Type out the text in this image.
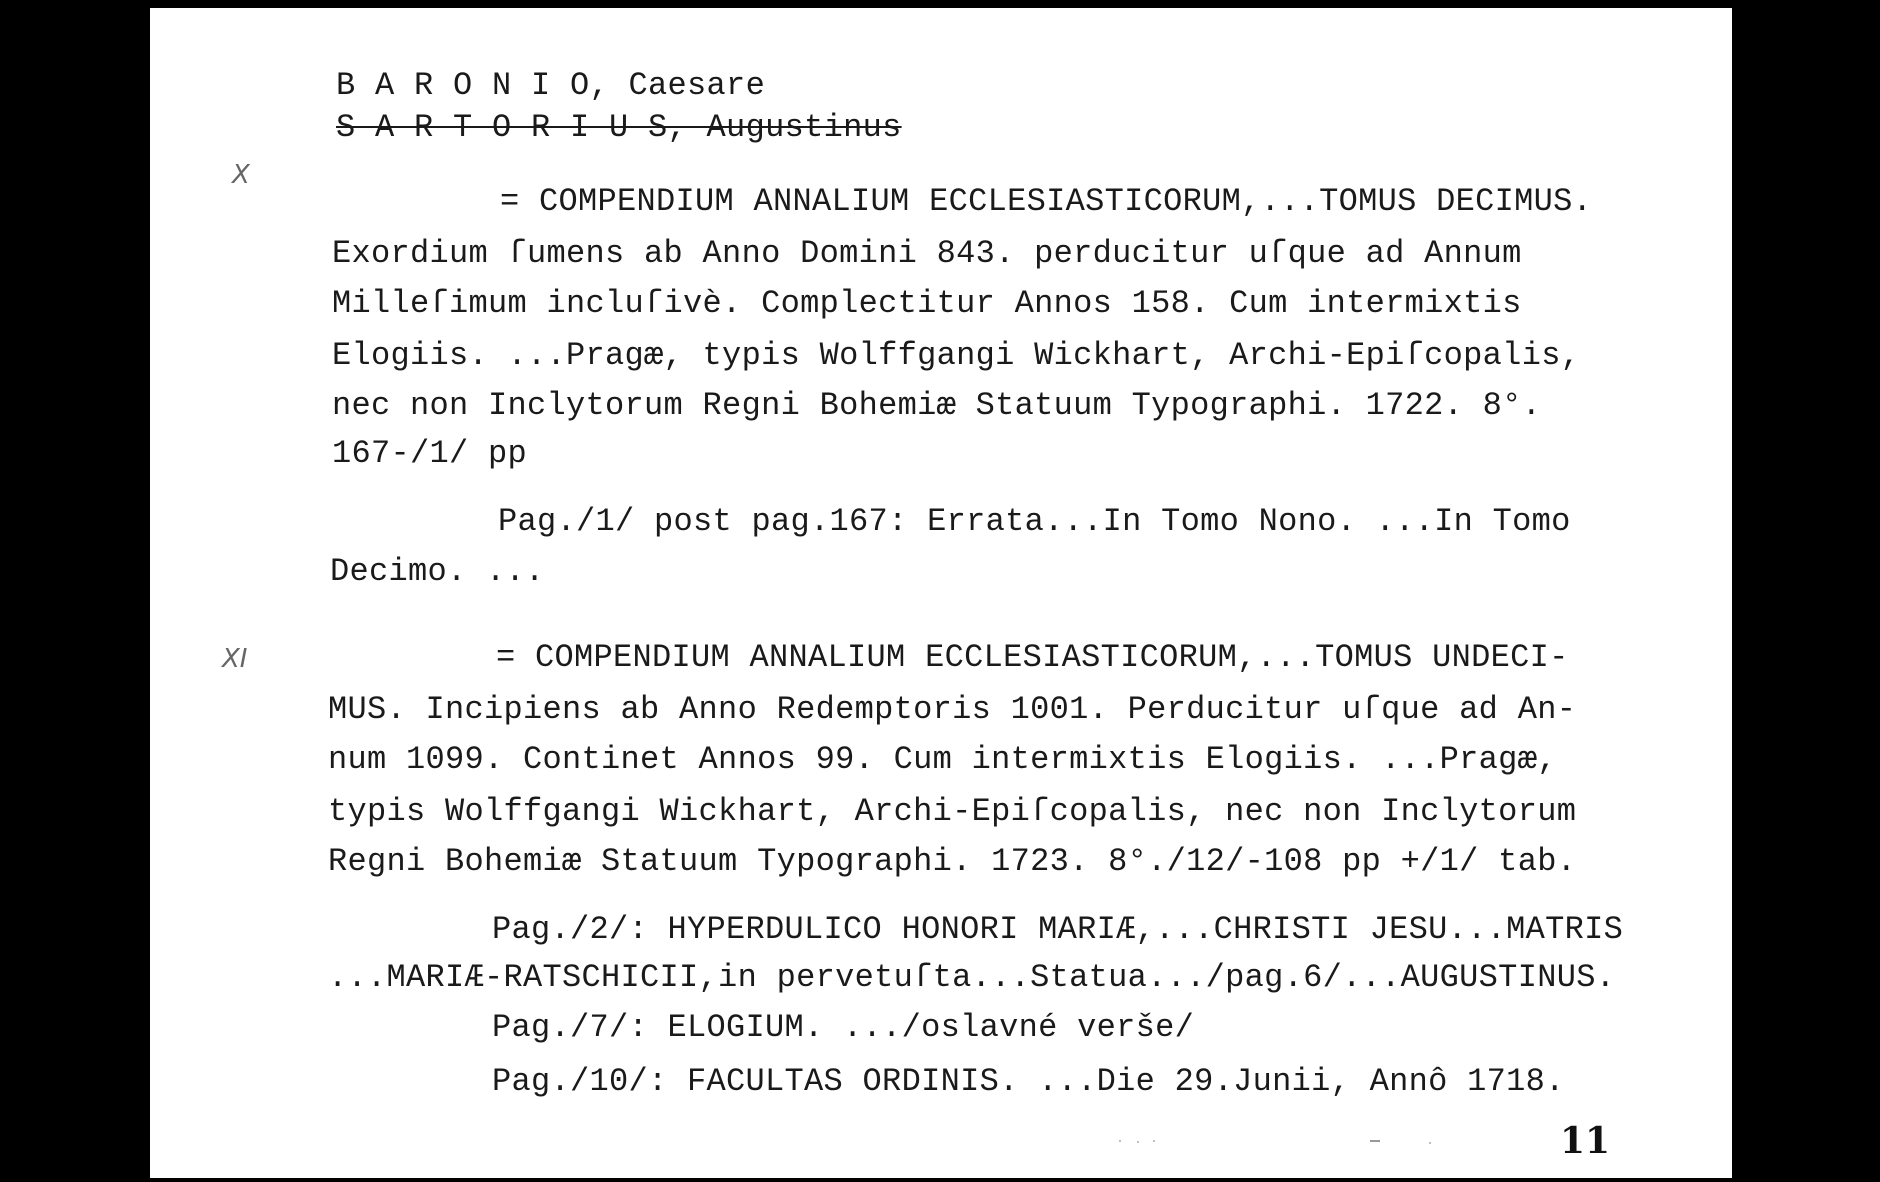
B A R O N I O, Caesare
S A R T O R I U S, Augustinus
X
XI
= COMPENDIUM ANNALIUM ECCLESIASTICORUM,...TOMUS DECIMUS.
Exordium ſumens ab Anno Domini 843. perducitur uſque ad Annum
Milleſimum incluſivè. Complectitur Annos 158. Cum intermixtis
Elogiis. ...Pragæ, typis Wolffgangi Wickhart, Archi-Epiſcopalis,
nec non Inclytorum Regni Bohemiæ Statuum Typographi. 1722. 8°.
167-/1/ pp
Pag./1/ post pag.167: Errata...In Tomo Nono. ...In Tomo
Decimo. ...
= COMPENDIUM ANNALIUM ECCLESIASTICORUM,...TOMUS UNDECI-
MUS. Incipiens ab Anno Redemptoris 1001. Perducitur uſque ad An-
num 1099. Continet Annos 99. Cum intermixtis Elogiis. ...Pragæ,
typis Wolffgangi Wickhart, Archi-Epiſcopalis, nec non Inclytorum
Regni Bohemiæ Statuum Typographi. 1723. 8°./12/-108 pp +/1/ tab.
Pag./2/: HYPERDULICO HONORI MARIÆ,...CHRISTI JESU...MATRIS
...MARIÆ-RATSCHICII,in pervetuſta...Statua.../pag.6/...AUGUSTINUS.
Pag./7/: ELOGIUM. .../oslavné verše/
Pag./10/: FACULTAS ORDINIS. ...Die 29.Junii, Annô 1718.
11
